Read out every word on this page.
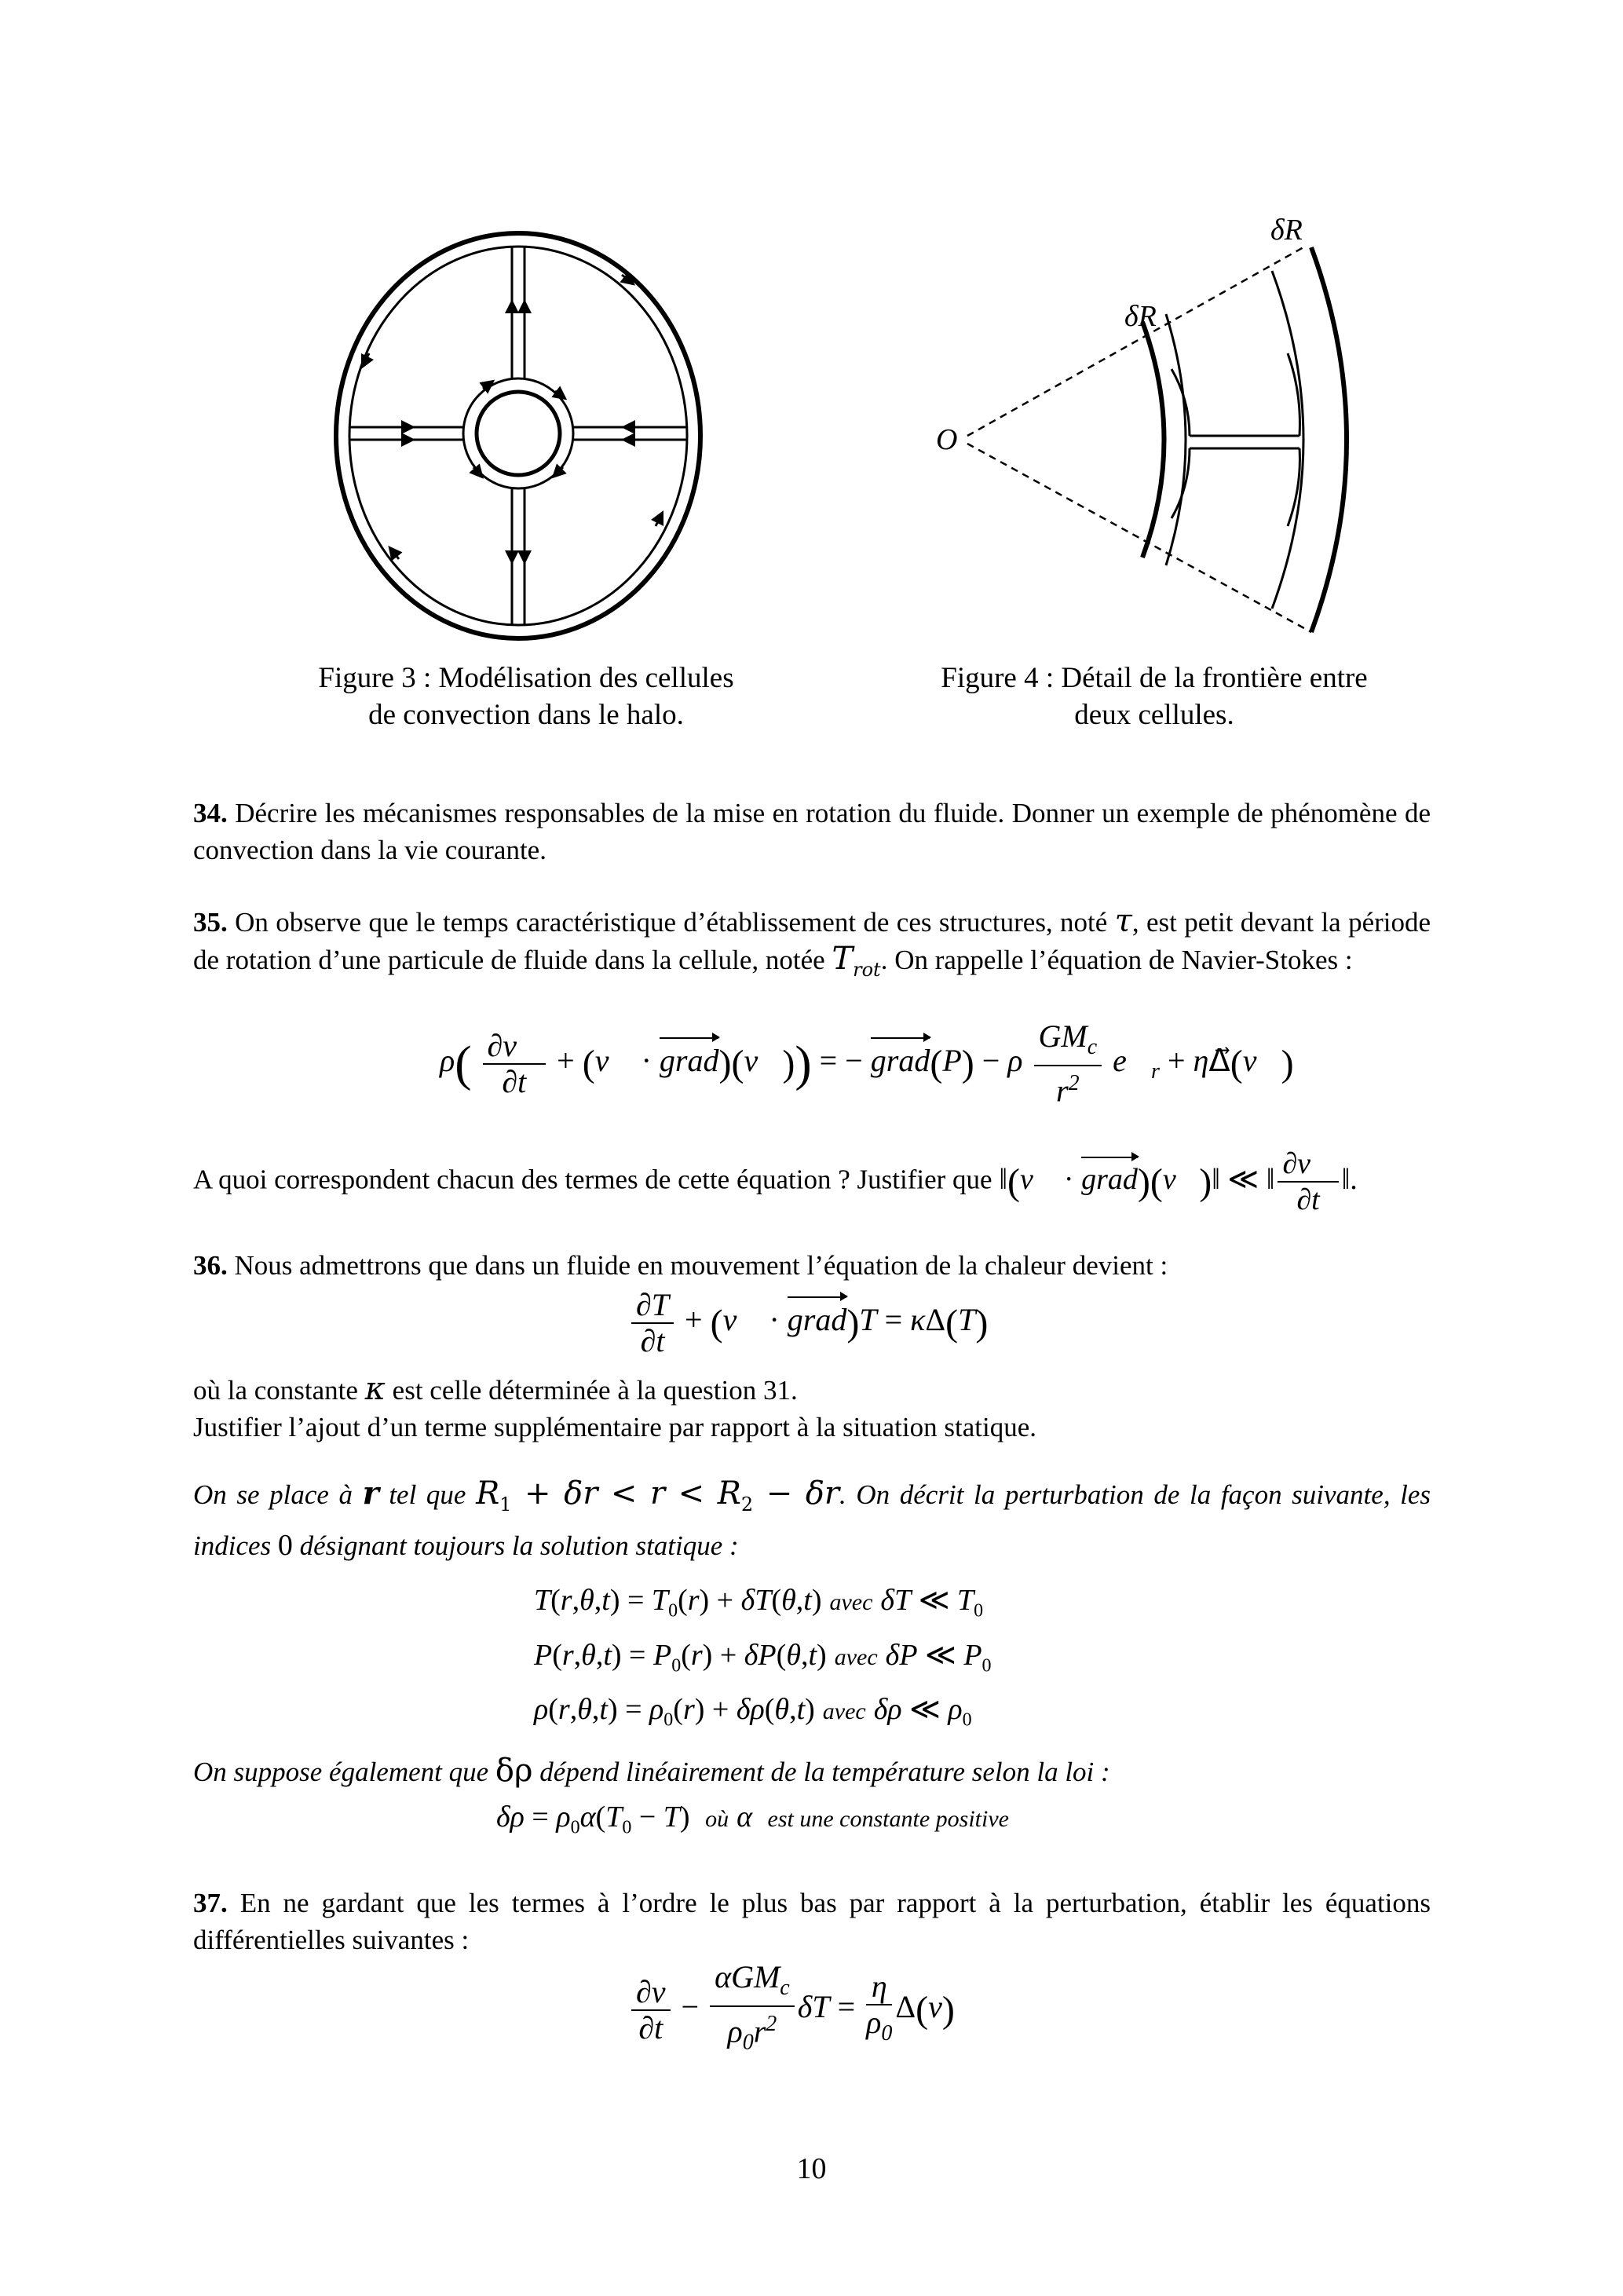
Figure 3 : Modélisation des cellules
de convection dans le halo.
O
δR
δR
Figure 4 : Détail de la frontière entre
deux cellules.
34. Décrire les mécanismes responsables de la mise en rotation du fluide. Donner un exemple de phénomène de convection dans la vie courante.
35. On observe que le temps caractéristique d’établissement de ces structures, noté τ, est petit devant la période de rotation d’une particule de fluide dans la cellule, notée $T_{rot}$. On rappelle l’équation de Navier-Stokes :
$\rho( \frac{\partial v⃗}{\partial t}$ + (v⃗ · grad)(v⃗)) = − grad(P) − ρ $\frac{GM_c}{r^2}$ $e⃗_r$ + ηΔ⃗(v⃗)
A quoi correspondent chacun des termes de cette équation ? Justifier que ‖(v⃗ · grad)(v⃗)‖ ≪ ‖ $\frac{\partial v⃗}{\partial t}$ ‖.
36. Nous admettrons que dans un fluide en mouvement l’équation de la chaleur devient :
$\frac{\partial T}{\partial t}$ + (v⃗ · grad)T = κΔ(T)
où la constante κ est celle déterminée à la question 31.
Justifier l’ajout d’un terme supplémentaire par rapport à la situation statique.
On se place à r tel que $R_1 + \delta r < r < R_2 - \delta r$. On décrit la perturbation de la façon suivante, les indices 0 désignant toujours la solution statique :
$T(r,\theta,t) = T_0(r) + \delta T(\theta,t)$ avec δT ≪ $T_0$
$P(r,\theta,t) = P_0(r) + \delta P(\theta,t)$ avec δP ≪ $P_0$
$\rho(r,\theta,t) = \rho_0(r) + \delta\rho(\theta,t)$ avec δρ ≪ $\rho_0$
On suppose également que δρ dépend linéairement de la température selon la loi :
$\delta\rho = \rho_0\alpha(T_0 - T)$ où α est une constante positive
37. En ne gardant que les termes à l’ordre le plus bas par rapport à la perturbation, établir les équations différentielles suivantes :
$\frac{\partial v}{\partial t} - \frac{\alpha GM_c}{\rho_0r^2}$ $\delta T = \frac{\eta}{\rho_0} \Delta(v)$
10
